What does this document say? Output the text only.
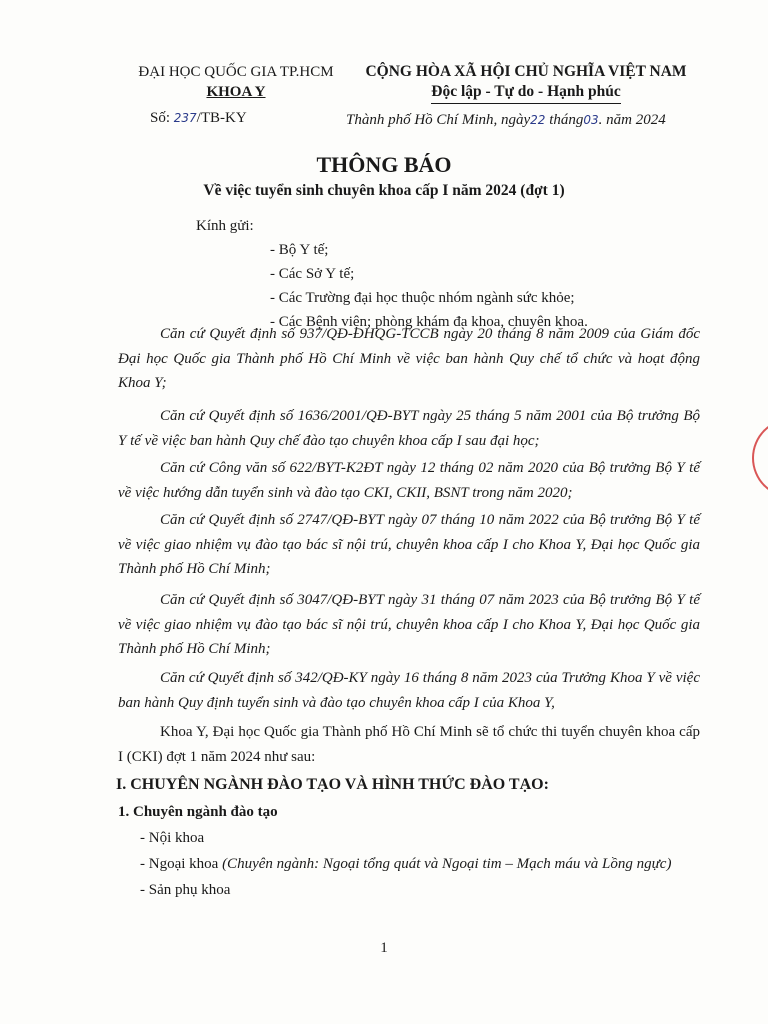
ĐẠI HỌC QUỐC GIA TP.HCM
KHOA Y
CỘNG HÒA XÃ HỘI CHỦ NGHĨA VIỆT NAM
Độc lập - Tự do - Hạnh phúc
Số: 237/TB-KY	Thành phố Hồ Chí Minh, ngày22 tháng03. năm 2024
THÔNG BÁO
Về việc tuyển sinh chuyên khoa cấp I năm 2024 (đợt 1)
Kính gửi:
- Bộ Y tế;
- Các Sở Y tế;
- Các Trường đại học thuộc nhóm ngành sức khỏe;
- Các Bệnh viện; phòng khám đa khoa, chuyên khoa.
Căn cứ Quyết định số 937/QĐ-ĐHQG-TCCB ngày 20 tháng 8 năm 2009 của Giám đốc Đại học Quốc gia Thành phố Hồ Chí Minh về việc ban hành Quy chế tổ chức và hoạt động Khoa Y;
Căn cứ Quyết định số 1636/2001/QĐ-BYT ngày 25 tháng 5 năm 2001 của Bộ trưởng Bộ Y tế về việc ban hành Quy chế đào tạo chuyên khoa cấp I sau đại học;
Căn cứ Công văn số 622/BYT-K2ĐT ngày 12 tháng 02 năm 2020 của Bộ trưởng Bộ Y tế về việc hướng dẫn tuyển sinh và đào tạo CKI, CKII, BSNT trong năm 2020;
Căn cứ Quyết định số 2747/QĐ-BYT ngày 07 tháng 10 năm 2022 của Bộ trưởng Bộ Y tế về việc giao nhiệm vụ đào tạo bác sĩ nội trú, chuyên khoa cấp I cho Khoa Y, Đại học Quốc gia Thành phố Hồ Chí Minh;
Căn cứ Quyết định số 3047/QĐ-BYT ngày 31 tháng 07 năm 2023 của Bộ trưởng Bộ Y tế về việc giao nhiệm vụ đào tạo bác sĩ nội trú, chuyên khoa cấp I cho Khoa Y, Đại học Quốc gia Thành phố Hồ Chí Minh;
Căn cứ Quyết định số 342/QĐ-KY ngày 16 tháng 8 năm 2023 của Trưởng Khoa Y về việc ban hành Quy định tuyển sinh và đào tạo chuyên khoa cấp I của Khoa Y,
Khoa Y, Đại học Quốc gia Thành phố Hồ Chí Minh sẽ tổ chức thi tuyển chuyên khoa cấp I (CKI) đợt 1 năm 2024 như sau:
I. CHUYÊN NGÀNH ĐÀO TẠO VÀ HÌNH THỨC ĐÀO TẠO:
1. Chuyên ngành đào tạo
- Nội khoa
- Ngoại khoa (Chuyên ngành: Ngoại tổng quát và Ngoại tim – Mạch máu và Lồng ngực)
- Sản phụ khoa
1
